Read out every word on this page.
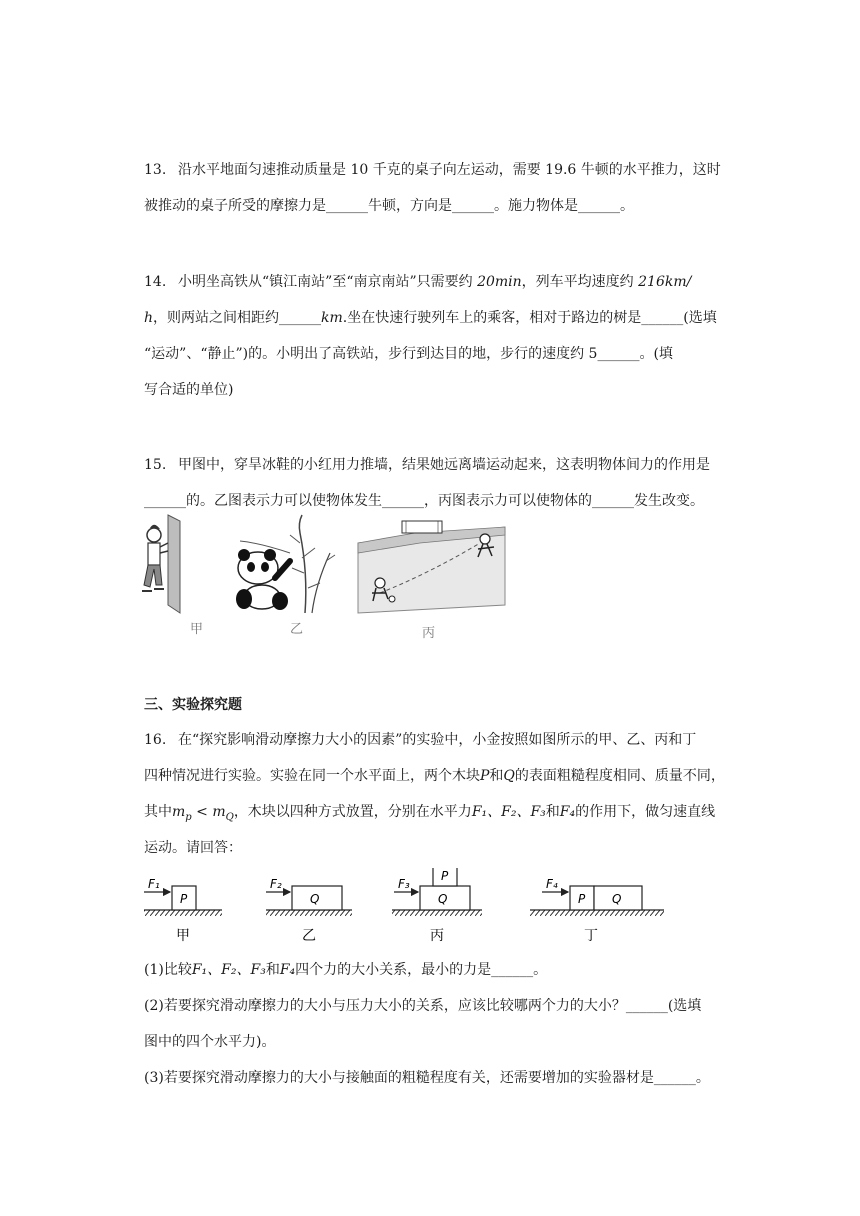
13. 沿水平地面匀速推动质量是 10 千克的桌子向左运动，需要 19.6 牛顿的水平推力，这时

被推动的桌子所受的摩擦力是______牛顿，方向是______。施力物体是______。

14. 小明坐高铁从“镇江南站”至“南京南站”只需要约 20min，列车平均速度约 216km/

h，则两站之间相距约______km.坐在快速行驶列车上的乘客，相对于路边的树是______(选填

“运动”、“静止”)的。小明出了高铁站，步行到达目的地，步行的速度约 5______。(填

写合适的单位)

15. 甲图中，穿旱冰鞋的小红用力推墙，结果她远离墙运动起来，这表明物体间力的作用是

______的。乙图表示力可以使物体发生______，丙图表示力可以使物体的______发生改变。

甲	乙	丙
三、实验探究题

16. 在“探究影响滑动摩擦力大小的因素”的实验中，小金按照如图所示的甲、乙、丙和丁

四种情况进行实验。实验在同一个水平面上，两个木块P和Q的表面粗糙程度相同、质量不同，

其中$m_p < m_Q$，木块以四种方式放置，分别在水平力F₁、F₂、F₃和F₄的作用下，做匀速直线

运动。请回答：

P
F₁
甲
Q
F₂
乙
Q
P
F₃
丙
P Q
F₄
丁

(1)比较F₁、F₂、F₃和F₄四个力的大小关系，最小的力是______。

(2)若要探究滑动摩擦力的大小与压力大小的关系，应该比较哪两个力的大小？______(选填

图中的四个水平力)。

(3)若要探究滑动摩擦力的大小与接触面的粗糙程度有关，还需要增加的实验器材是______。
